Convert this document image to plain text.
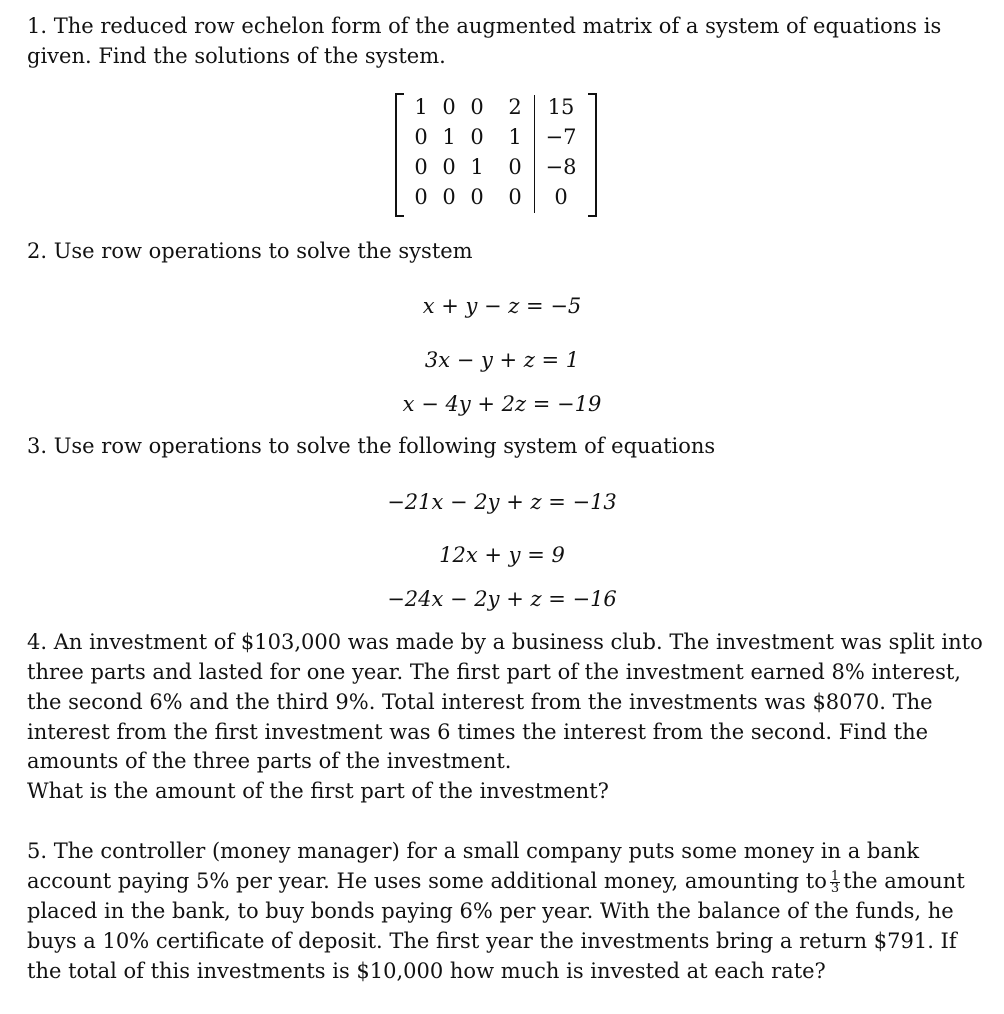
1. The reduced row echelon form of the augmented matrix of a system of equations is
given. Find the solutions of the system.
1 0 0	2	15
0 1 0	1	−7
0 0 1	0	−8
0 0 0	0	0
2. Use row operations to solve the system
x + y − z = −5
3x − y + z = 1
x − 4y + 2z = −19
3. Use row operations to solve the following system of equations
−21x − 2y + z = −13
12x + y = 9
−24x − 2y + z = −16
4. An investment of $103,000 was made by a business club. The investment was split into
three parts and lasted for one year. The first part of the investment earned 8% interest,
the second 6% and the third 9%. Total interest from the investments was $8070. The
interest from the first investment was 6 times the interest from the second. Find the
amounts of the three parts of the investment.
What is the amount of the first part of the investment?
5. The controller (money manager) for a small company puts some money in a bank
account paying 5% per year. He uses some additional money, amounting to $\frac{1}{3}$ the amount
placed in the bank, to buy bonds paying 6% per year. With the balance of the funds, he
buys a 10% certificate of deposit. The first year the investments bring a return $791. If
the total of this investments is $10,000 how much is invested at each rate?
